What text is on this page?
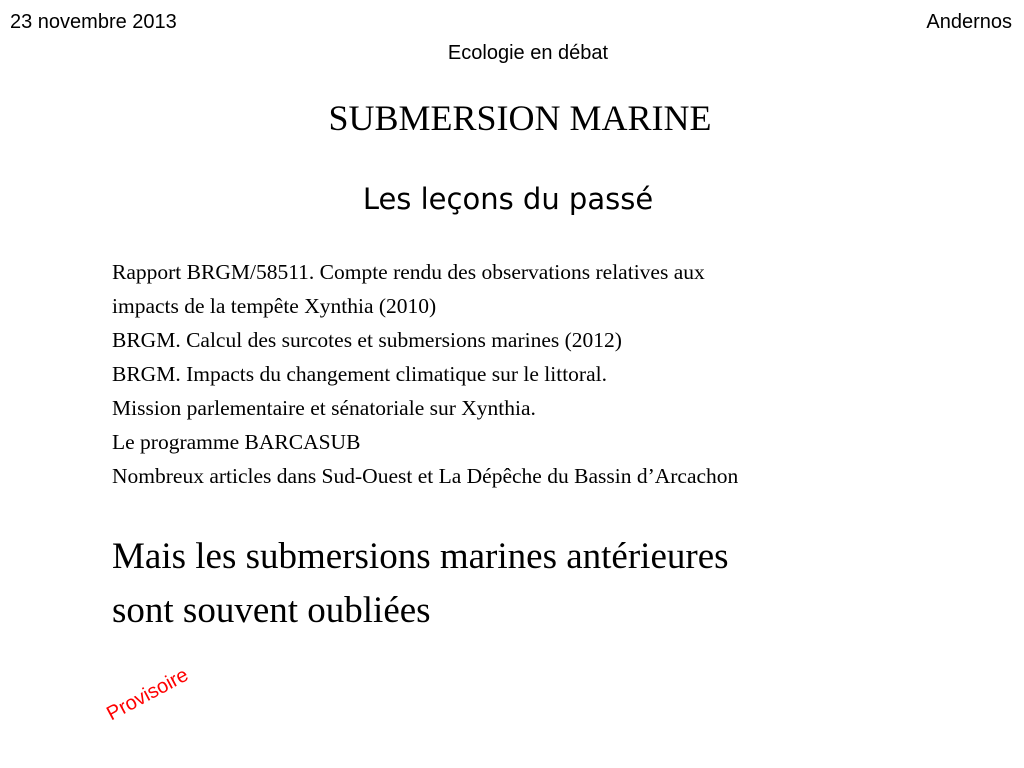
23 novembre 2013	Andernos
Ecologie en débat
SUBMERSION MARINE
Les leçons du passé
Rapport BRGM/58511. Compte rendu des observations relatives aux
impacts de la tempête Xynthia (2010)
BRGM. Calcul des surcotes et submersions marines (2012)
BRGM. Impacts du changement climatique sur le littoral.
Mission parlementaire et sénatoriale sur Xynthia.
Le programme BARCASUB
Nombreux articles dans Sud-Ouest et La Dépêche du Bassin d’Arcachon
Mais les submersions marines antérieures
sont souvent oubliées
Provisoire
